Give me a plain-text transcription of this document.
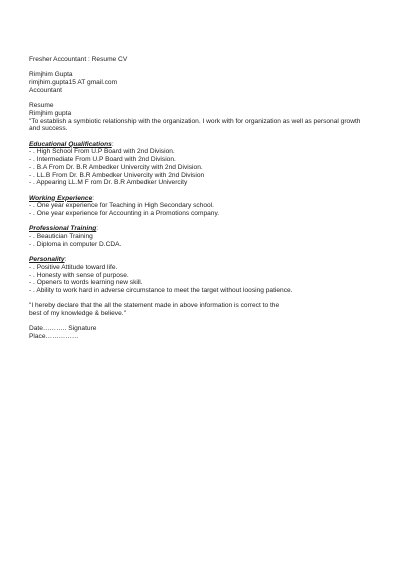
Fresher Accountant : Resume CV
Rimjhim Gupta
rimjhim.gupta15 AT gmail.com
Accountant
Resume
Rimjhim gupta
"To establish a symbiotic relationship with the organization. I work with for organization as well as personal growth and success.
Educational Qualifications:
- . High School From U.P Board with 2nd Division.
- . Intermediate From U.P Board with 2nd Division.
- . B.A From Dr. B.R Ambedker Univercity with 2nd Division.
- . LL.B From Dr. B.R Ambedker Univercity with 2nd Division
- . Appearing LL.M F rom Dr. B.R Ambedker Univercity
Working Experience:
- . One year experience for Teaching in High Secondary school.
- . One year experience for Accounting in a Promotions company.
Professional Training:
- . Beautician Training
- . Diploma in computer D.CDA.
Personality:
- . Positive Attitude toward life.
- . Honesty with sense of purpose.
- . Openers to words learning new skill.
- . Ability to work hard in adverse circumstance to meet the target without loosing patience.
"I hereby declare that the all the statement made in above information is correct to the best of my knowledge & believe."
Date……….. Signature
Place……………
